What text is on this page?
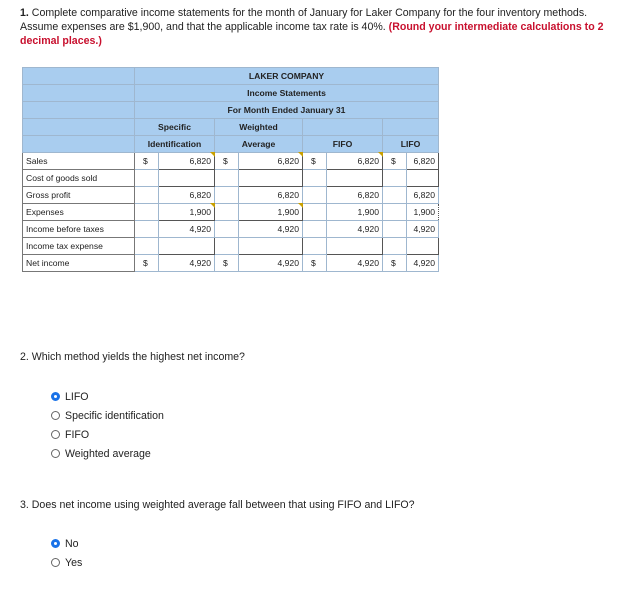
1. Complete comparative income statements for the month of January for Laker Company for the four inventory methods. Assume expenses are $1,900, and that the applicable income tax rate is 40%. (Round your intermediate calculations to 2 decimal places.)
	LAKER COMPANY							
	Income Statements							
	For Month Ended January 31							
	Specific		Weighted					
	Identification		Average		FIFO		LIFO	
Sales	$	6,820	$	6,820	$	6,820	$	6,820
Cost of goods sold								
Gross profit		6,820		6,820		6,820		6,820
Expenses		1,900		1,900		1,900		1,900
Income before taxes		4,920		4,920		4,920		4,920
Income tax expense								
Net income	$	4,920	$	4,920	$	4,920	$	4,920
2. Which method yields the highest net income?
LIFO
Specific identification
FIFO
Weighted average
3. Does net income using weighted average fall between that using FIFO and LIFO?
No
Yes
